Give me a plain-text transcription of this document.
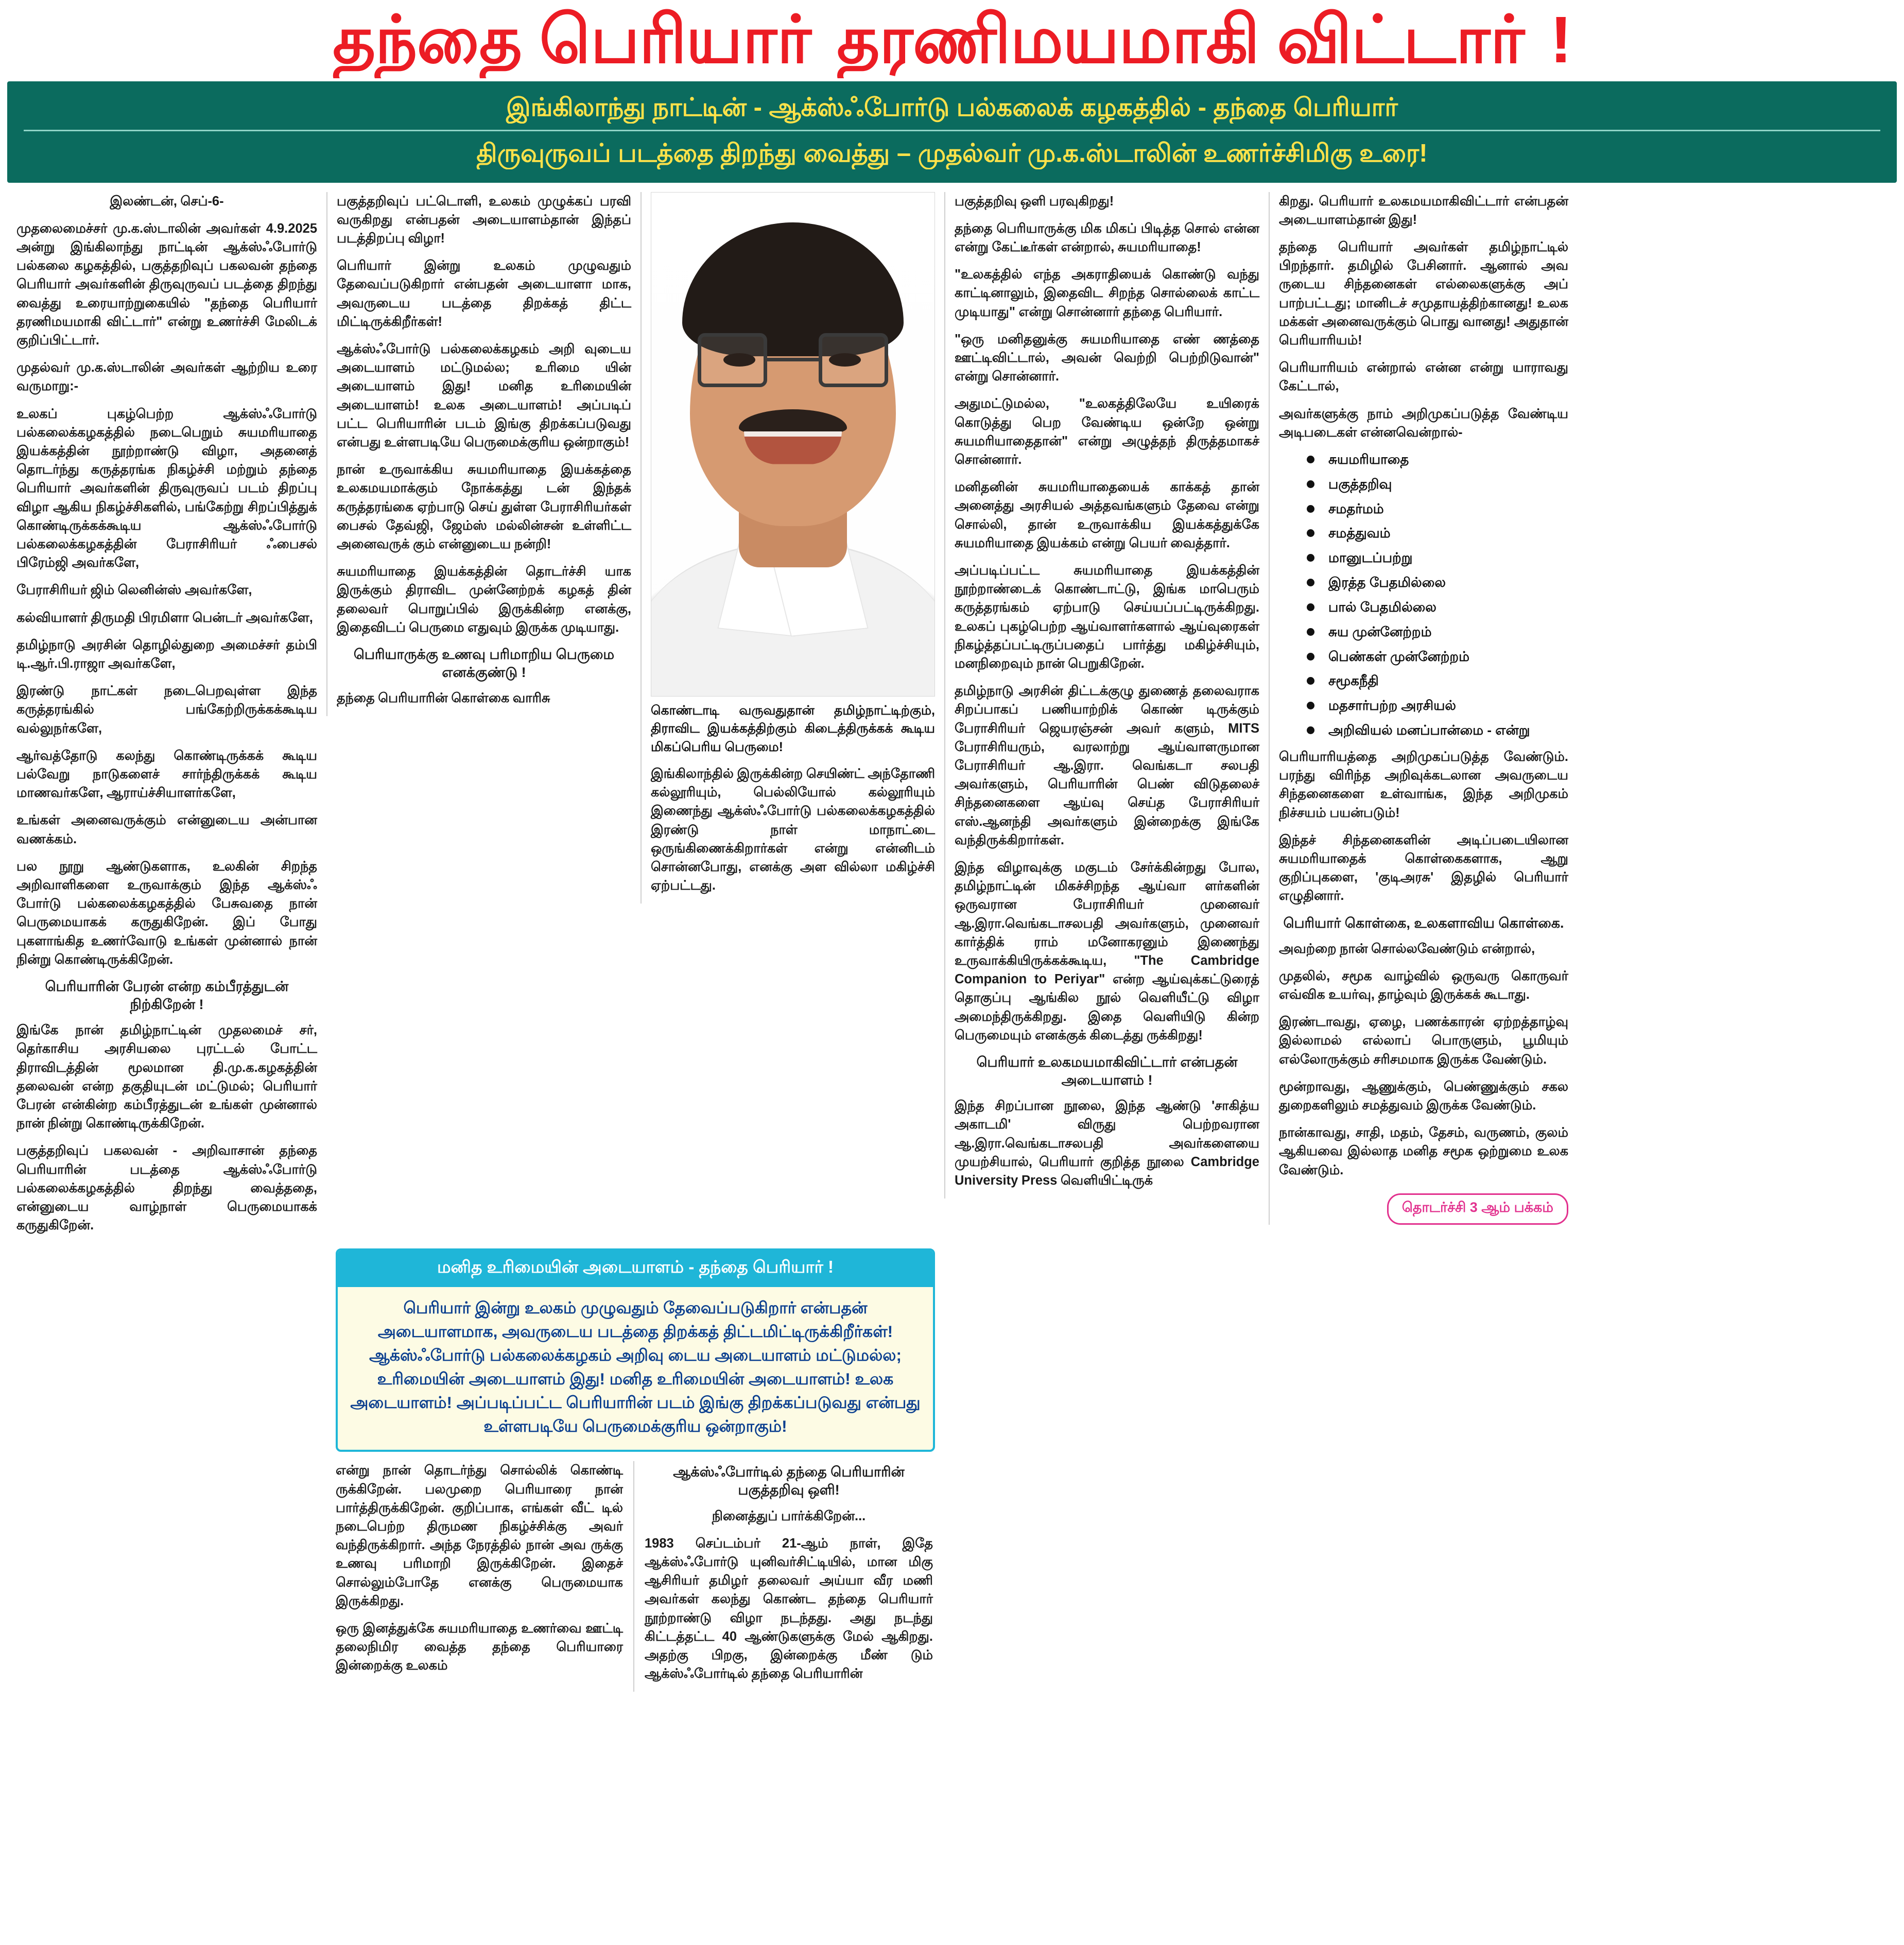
தந்தை பெரியாா் தரணிமயமாகி விட்டாா் !
இங்கிலாந்து நாட்டின் - ஆக்ஸ்ஃபோர்டு பல்கலைக் கழகத்தில் - தந்தை பெரியார்
திருவுருவப் படத்தை திறந்து வைத்து – முதல்வர் மு.க.ஸ்டாலின் உணர்ச்சிமிகு உரை!

இலண்டன், செப்-6-

முதலைமைச்சர் மு.க.ஸ்டாலின் அவர்கள் 4.9.2025 அன்று இங்கிலாந்து நாட்டின் ஆக்ஸ்ஃபோர்டு பல்கலை கழகத்தில், பகுத்தறிவுப் பகலவன் தந்தை பெரியார் அவர்களின் திருவுருவப் படத்தை திறந்து வைத்து உரையாற்றுகையில் "தந்தை பெரியார் தரணிமயமாகி விட்டார்" என்று உணர்ச்சி மேலிடக் குறிப்பிட்டார்.

முதல்வர் மு.க.ஸ்டாலின் அவர்கள் ஆற்றிய உரை வருமாறு:-

உலகப் புகழ்பெற்ற ஆக்ஸ்ஃபோர்டு பல்கலைக்கழகத்தில் நடைபெறும் சுயமரியாதை இயக்கத்தின் நூற்றாண்டு விழா, அதனைத் தொடர்ந்து கருத்தரங்க நிகழ்ச்சி மற்றும் தந்தை பெரியார் அவர்களின் திருவுருவப் படம் திறப்பு விழா ஆகிய நிகழ்ச்சிகளில், பங்கேற்று சிறப்பித்துக் கொண்டிருக்கக்கூடிய ஆக்ஸ்ஃபோர்டு பல்கலைக்கழகத்தின் பேராசிரியர் ஃபைசல் பிரேம்ஜி அவர்களே,

பேராசிரியர் ஜிம் லெனின்ஸ் அவர்களே,

கல்வியாளர் திருமதி பிரமிளா பென்டர் அவர்களே,

தமிழ்நாடு அரசின் தொழில்துறை அமைச்சர் தம்பி டி.ஆர்.பி.ராஜா அவர்களே,

இரண்டு நாட்கள் நடைபெறவுள்ள இந்த கருத்தரங்கில் பங்கேற்றிருக்கக்கூடிய வல்லுநர்களே,

ஆர்வத்தோடு கலந்து கொண்டிருக்கக் கூடிய பல்வேறு நாடுகளைச் சார்ந்திருக்கக் கூடிய மாணவர்களே, ஆராய்ச்சியாளர்களே,

உங்கள் அனைவருக்கும் என்னுடைய அன்பான வணக்கம்.

பல நூறு ஆண்டுகளாக, உலகின் சிறந்த அறிவாளிகளை உருவாக்கும் இந்த ஆக்ஸ்ஃ போர்டு பல்கலைக்கழகத்தில் பேசுவதை நான் பெருமையாகக் கருதுகிறேன். இப் போது புகளாங்கித உணர்வோடு உங்கள் முன்னால் நான் நின்று கொண்டிருக்கிறேன்.

பெரியாரின் பேரன் என்ற கம்பீரத்துடன் நிற்கிறேன் !

இங்கே நான் தமிழ்நாட்டின் முதலமைச் சர், தெர்காசிய அரசியலை புரட்டல் போட்ட திராவிடத்தின் மூலமான தி.மு.க.கழகத்தின் தலைவன் என்ற தகுதியுடன் மட்டுமல்; பெரியார் பேரன் என்கின்ற கம்பீரத்துடன் உங்கள் முன்னால் நான் நின்று கொண்டிருக்கிறேன்.

பகுத்தறிவுப் பகலவன் - அறிவாசான் தந்தை பெரியாரின் படத்தை ஆக்ஸ்ஃபோர்டு பல்கலைக்கழகத்தில் திறந்து வைத்ததை, என்னுடைய வாழ்நாள் பெருமையாகக் கருதுகிறேன்.

பகுத்தறிவுப் பட்டொளி, உலகம் முழுக்கப் பரவி வருகிறது என்பதன் அடையாளம்தான் இந்தப் படத்திறப்பு விழா!

பெரியார் இன்று உலகம் முழுவதும் தேவைப்படுகிறார் என்பதன் அடையாளா மாக, அவருடைய படத்தை திறக்கத் திட்ட மிட்டிருக்கிறீர்கள்!

ஆக்ஸ்ஃபோர்டு பல்கலைக்கழகம் அறி வுடைய அடையாளம் மட்டுமல்ல; உரிமை யின் அடையாளம் இது! மனித உரிமையின் அடையாளம்! உலக அடையாளம்! அப்படிப் பட்ட பெரியாரின் படம் இங்கு திறக்கப்படுவது என்பது உள்ளபடியே பெருமைக்குரிய ஒன்றாகும்!

நான் உருவாக்கிய சுயமரியாதை இயக்கத்தை உலகமயமாக்கும் நோக்கத்து டன் இந்தக் கருத்தரங்கை ஏற்பாடு செய் துள்ள பேராசிரியர்கள் பைசல் தேவ்ஜி, ஜேம்ஸ் மல்லின்சன் உள்ளிட்ட அனைவருக் கும் என்னுடைய நன்றி!

சுயமரியாதை இயக்கத்தின் தொடர்ச்சி யாக இருக்கும் திராவிட முன்னேற்றக் கழகத் தின் தலைவர் பொறுப்பில் இருக்கின்ற எனக்கு, இதைவிடப் பெருமை எதுவும் இருக்க முடியாது.

பெரியாருக்கு உணவு பரிமாறிய பெருமை எனக்குண்டு !

தந்தை பெரியாரின் கொள்கை வாரிசு

கொண்டாடி வருவதுதான் தமிழ்நாட்டிற்கும், திராவிட இயக்கத்திற்கும் கிடைத்திருக்கக் கூடிய மிகப்பெரிய பெருமை!

இங்கிலாந்தில் இருக்கின்ற செயிண்ட் அந்தோணி கல்லூரியும், பெல்லியோல் கல்லூரியும் இணைந்து ஆக்ஸ்ஃபோர்டு பல்கலைக்கழகத்தில் இரண்டு நாள் மாநாட்டை ஒருங்கிணைக்கிறார்கள் என்று என்னிடம் சொன்னபோது, எனக்கு அள வில்லா மகிழ்ச்சி ஏற்பட்டது.

பகுத்தறிவு ஒளி பரவுகிறது!

தந்தை பெரியாருக்கு மிக மிகப் பிடித்த சொல் என்ன என்று கேட்டீர்கள் என்றால், சுயமரியாதை!

"உலகத்தில் எந்த அகராதியைக் கொண்டு வந்து காட்டினாலும், இதைவிட சிறந்த சொல்லைக் காட்ட முடியாது" என்று சொன்னார் தந்தை பெரியார்.

"ஒரு மனிதனுக்கு சுயமரியாதை எண் ணத்தை ஊட்டிவிட்டால், அவன் வெற்றி பெற்றிடுவான்" என்று சொன்னார்.

அதுமட்டுமல்ல, "உலகத்திலேயே உயிரைக் கொடுத்து பெற வேண்டிய ஒன்றே ஒன்று சுயமரியாதைதான்" என்று அழுத்தந் திருத்தமாகச் சொன்னார்.

மனிதனின் சுயமரியாதையைக் காக்கத் தான் அனைத்து அரசியல் அத்தவங்களும் தேவை என்று சொல்லி, தான் உருவாக்கிய இயக்கத்துக்கே சுயமரியாதை இயக்கம் என்று பெயர் வைத்தார்.

அப்படிப்பட்ட சுயமரியாதை இயக்கத்தின் நூற்றாண்டைக் கொண்டாட்டு, இங்க மாபெரும் கருத்தரங்கம் ஏற்பாடு செய்யப்பட்டிருக்கிறது. உலகப் புகழ்பெற்ற ஆய்வாளர்களால் ஆய்வுரைகள் நிகழ்த்தப்பட்டிருப்பதைப் பார்த்து மகிழ்ச்சியும், மனநிறைவும் நான் பெறுகிறேன்.

தமிழ்நாடு அரசின் திட்டக்குழு துணைத் தலைவராக சிறப்பாகப் பணியாற்றிக் கொண் டிருக்கும் பேராசிரியர் ஜெயரஞ்சன் அவர் களும், MITS பேராசிரியரும், வரலாற்று ஆய்வாளருமான பேராசிரியர் ஆ.இரா. வெங்கடா சலபதி அவர்களும், பெரியாரின் பெண் விடுதலைச் சிந்தனைகளை ஆய்வு செய்த பேராசிரியர் எஸ்.ஆனந்தி அவர்களும் இன்றைக்கு இங்கே வந்திருக்கிறார்கள்.

இந்த விழாவுக்கு மகுடம் சேர்க்கின்றது போல, தமிழ்நாட்டின் மிகச்சிறந்த ஆய்வா ளர்களின் ஒருவரான பேராசிரியர் முனைவர் ஆ.இரா.வெங்கடாசலபதி அவர்களும், முனைவர் கார்த்திக் ராம் மனோகரனும் இணைந்து உருவாக்கியிருக்கக்கூடிய, "The Cambridge Companion to Periyar" என்ற ஆய்வுக்கட்டுரைத் தொகுப்பு ஆங்கில நூல் வெளியீட்டு விழா அமைந்திருக்கிறது. இதை வெளியிடு கின்ற பெருமையும் எனக்குக் கிடைத்து ருக்கிறது!

பெரியார் உலகமயமாகிவிட்டார் என்பதன் அடையாளம் !

இந்த சிறப்பான நூலை, இந்த ஆண்டு 'சாகித்ய அகாடமி' விருது பெற்றவரான ஆ.இரா.வெங்கடாசலபதி அவர்களையை முயற்சியால், பெரியார் குறித்த நூலை Cambridge University Press வெளியிட்டிருக்

கிறது. பெரியார் உலகமயமாகிவிட்டார் என்பதன் அடையாளம்தான் இது!

தந்தை பெரியார் அவர்கள் தமிழ்நாட்டில் பிறந்தார். தமிழில் பேசினார். ஆனால் அவ ருடைய சிந்தனைகள் எல்லைகளுக்கு அப் பாற்பட்டது; மானிடச் சமுதாயத்திற்கானது! உலக மக்கள் அனைவருக்கும் பொது வானது! அதுதான் பெரியாரியம்!

பெரியாரியம் என்றால் என்ன என்று யாராவது கேட்டால்,

அவர்களுக்கு நாம் அறிமுகப்படுத்த வேண்டிய அடிபடைகள் என்னவென்றால்-

சுயமரியாதை
பகுத்தறிவு
சமதர்மம்
சமத்துவம்
மானுடப்பற்று
இரத்த பேதமில்லை
பால் பேதமில்லை
சுய முன்னேற்றம்
பெண்கள் முன்னேற்றம்
சமூகநீதி
மதசார்பற்ற அரசியல்
அறிவியல் மனப்பான்மை - என்று

பெரியாரியத்தை அறிமுகப்படுத்த வேண்டும். பரந்து விரிந்த அறிவுக்கடலான அவருடைய சிந்தனைகளை உள்வாங்க, இந்த அறிமுகம் நிச்சயம் பயன்படும்!

இந்தச் சிந்தனைகளின் அடிப்படையிலான சுயமரியாதைக் கொள்கைகளாக, ஆறு குறிப்புகளை, 'குடிஅரசு' இதழில் பெரியார் எழுதினார்.

பெரியார் கொள்கை, உலகளாவிய கொள்கை.

அவற்றை நான் சொல்லவேண்டும் என்றால்,

முதலில், சமூக வாழ்வில் ஒருவரு கொருவர் எவ்விக உயர்வு, தாழ்வும் இருக்கக் கூடாது.

இரண்டாவது, ஏழை, பணக்காரன் ஏற்றத்தாழ்வு இல்லாமல் எல்லாப் பொருளும், பூமியும் எல்லோருக்கும் சரிசமமாக இருக்க வேண்டும்.

மூன்றாவது, ஆணுக்கும், பெண்ணுக்கும் சகல துறைகளிலும் சமத்துவம் இருக்க வேண்டும்.

நான்காவது, சாதி, மதம், தேசம், வருணம், குலம் ஆகியவை இல்லாத மனித சமூக ஒற்றுமை உலக வேண்டும்.

தொடர்ச்சி 3 ஆம் பக்கம்
மனித உரிமையின் அடையாளம் - தந்தை பெரியார் !
பெரியார் இன்று உலகம் முழுவதும் தேவைப்படுகிறார் என்பதன் அடையாளமாக, அவருடைய படத்தை திறக்கத் திட்டமிட்டிருக்கிறீர்கள்! ஆக்ஸ்ஃபோர்டு பல்கலைக்கழகம் அறிவு டைய அடையாளம் மட்டுமல்ல; உரிமையின் அடையாளம் இது! மனித உரிமையின் அடையாளம்! உலக அடையாளம்! அப்படிப்பட்ட பெரியாரின் படம் இங்கு திறக்கப்படுவது என்பது உள்ளபடியே பெருமைக்குரிய ஒன்றாகும்!

என்று நான் தொடர்ந்து சொல்லிக் கொண்டி ருக்கிறேன். பலமுறை பெரியாரை நான் பார்த்திருக்கிறேன். குறிப்பாக, எங்கள் வீட் டில் நடைபெற்ற திருமண நிகழ்ச்சிக்கு அவர் வந்திருக்கிறார். அந்த நேரத்தில் நான் அவ ருக்கு உணவு பரிமாறி இருக்கிறேன். இதைச் சொல்லும்போதே எனக்கு பெருமையாக இருக்கிறது.

ஒரு இனத்துக்கே சுயமரியாதை உணர்வை ஊட்டி தலைநிமிர வைத்த தந்தை பெரியாரை இன்றைக்கு உலகம்

ஆக்ஸ்ஃபோர்டில் தந்தை பெரியாரின் பகுத்தறிவு ஒளி!

நினைத்துப் பார்க்கிறேன்...

1983 செப்டம்பர் 21-ஆம் நாள், இதே ஆக்ஸ்ஃபோர்டு யுனிவர்சிட்டியில், மான மிகு ஆசிரியர் தமிழர் தலைவர் அய்யா வீர மணி அவர்கள் கலந்து கொண்ட தந்தை பெரியார் நூற்றாண்டு விழா நடந்தது. அது நடந்து கிட்டத்தட்ட 40 ஆண்டுகளுக்கு மேல் ஆகிறது. அதற்கு பிறகு, இன்றைக்கு மீண் டும் ஆக்ஸ்ஃபோர்டில் தந்தை பெரியாரின்
